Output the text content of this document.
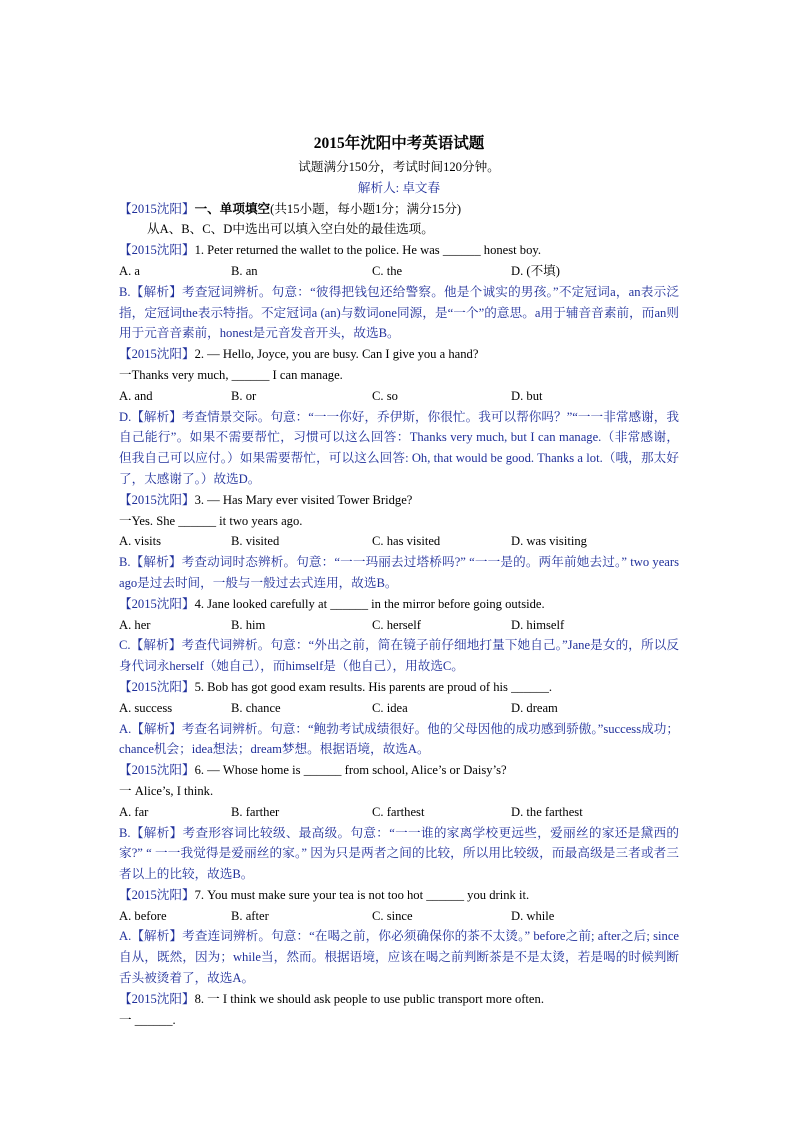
2015年沈阳中考英语试题
试题满分150分，考试时间120分钟。
解析人: 卓文春
【2015沈阳】一、单项填空(共15小题，每小题1分；满分15分)
从A、B、C、D中选出可以填入空白处的最佳选项。
【2015沈阳】1. Peter returned the wallet to the police. He was ______ honest boy.
A. a	B. an	C. the	D. (不填)
B.【解析】考查冠词辨析。句意：“彼得把钱包还给警察。他是个诚实的男孩。”不定冠词a，an表示泛指，定冠词the表示特指。不定冠词a (an)与数词one同源，是“一个”的意思。a用于辅音音素前，而an则用于元音音素前，honest是元音发音开头，故选B。
【2015沈阳】2. — Hello, Joyce, you are busy. Can I give you a hand?
一Thanks very much, ______ I can manage.
A. and	B. or	C. so	D. but
D.【解析】考查情景交际。句意：“一一你好，乔伊斯，你很忙。我可以帮你吗？”“一一非常感谢，我自己能行”。如果不需要帮忙，习惯可以这么回答：Thanks very much, but I can manage.（非常感谢，但我自己可以应付。）如果需要帮忙，可以这么回答: Oh, that would be good. Thanks a lot.（哦，那太好了，太感谢了。）故选D。
【2015沈阳】3. — Has Mary ever visited Tower Bridge?
一Yes. She ______ it two years ago.
A. visits	B. visited	C. has visited	D. was visiting
B.【解析】考查动词时态辨析。句意：“一一玛丽去过塔桥吗?” “一一是的。两年前她去过。” two years ago是过去时间，一般与一般过去式连用，故选B。
【2015沈阳】4. Jane looked carefully at ______ in the mirror before going outside.
A. her	B. him	C. herself	D. himself
C.【解析】考查代词辨析。句意：“外出之前，简在镜子前仔细地打量下她自己。”Jane是女的，所以反身代词永herself（她自己），而himself是（他自己），用故选C。
【2015沈阳】5. Bob has got good exam results. His parents are proud of his ______.
A. success	B. chance	C. idea	D. dream
A.【解析】考查名词辨析。句意：“鲍勃考试成绩很好。他的父母因他的成功感到骄傲。”success成功；chance机会；idea想法；dream梦想。根据语境，故选A。
【2015沈阳】6. — Whose home is ______ from school, Alice’s or Daisy’s?
一 Alice’s, I think.
A. far	B. farther	C. farthest	D. the farthest
B.【解析】考查形容词比较级、最高级。句意：“一一谁的家离学校更远些，爱丽丝的家还是黛西的家?” “ 一一我觉得是爱丽丝的家。” 因为只是两者之间的比较，所以用比较级，而最高级是三者或者三者以上的比较，故选B。
【2015沈阳】7. You must make sure your tea is not too hot ______ you drink it.
A. before	B. after	C. since	D. while
A.【解析】考查连词辨析。句意：“在喝之前，你必须确保你的茶不太烫。” before之前; after之后; since自从，既然，因为；while当，然而。根据语境，应该在喝之前判断茶是不是太烫，若是喝的时候判断舌头被烫着了，故选A。
【2015沈阳】8. 一 I think we should ask people to use public transport more often.
一 ______.
